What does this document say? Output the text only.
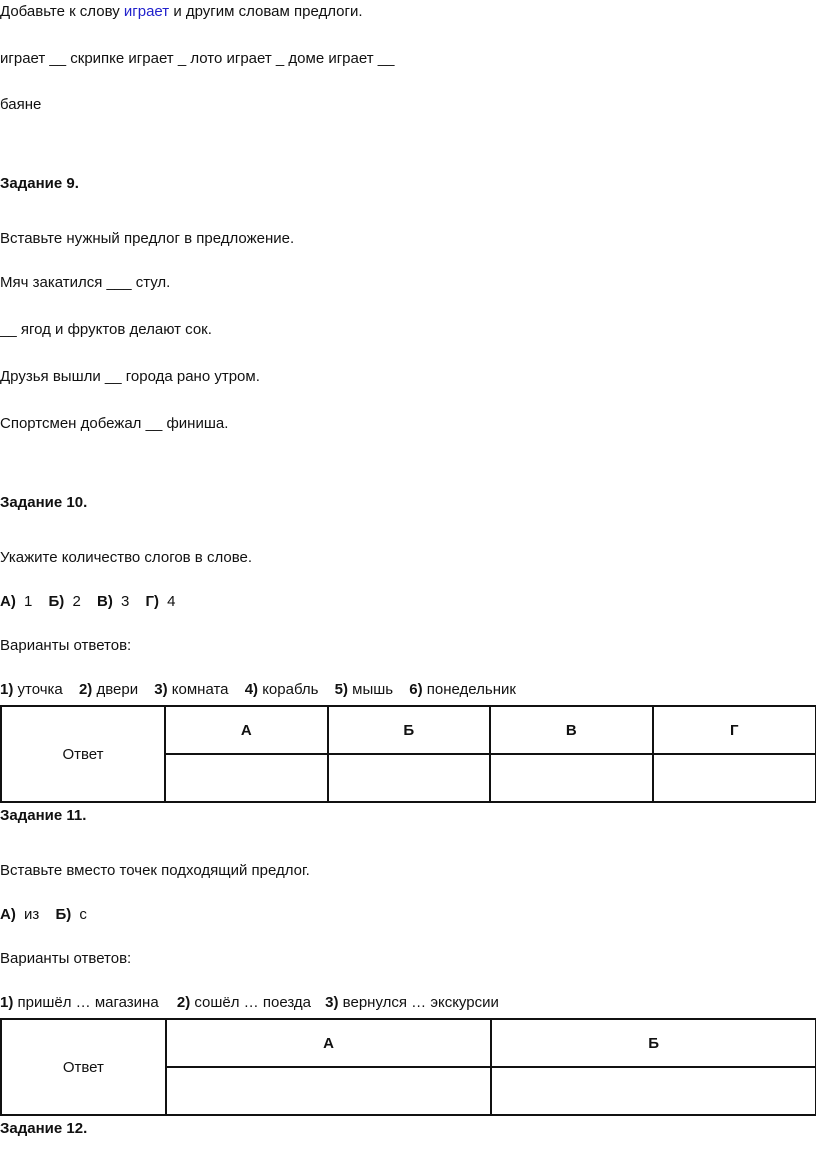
Добавьте к слову играет и другим словам предлоги.
играет __ скрипке играет _ лото играет _ доме играет __
баяне
Задание 9.
Вставьте нужный предлог в предложение.
Мяч закатился ___ стул.
__ ягод и фруктов делают сок.
Друзья вышли __ города рано утром.
Спортсмен добежал __ финиша.
Задание 10.
Укажите количество слогов в слове.
А) 1 Б) 2 В) 3 Г) 4
Варианты ответов:
1) уточка 2) двери 3) комната 4) корабль 5) мышь 6) понедельник
Ответ	А	Б	В	Г

Задание 11.
Вставьте вместо точек подходящий предлог.
А) из Б) с
Варианты ответов:
1) пришёл … магазина 2) сошёл … поезда 3) вернулся … экскурсии
Ответ	А	Б

Задание 12.
